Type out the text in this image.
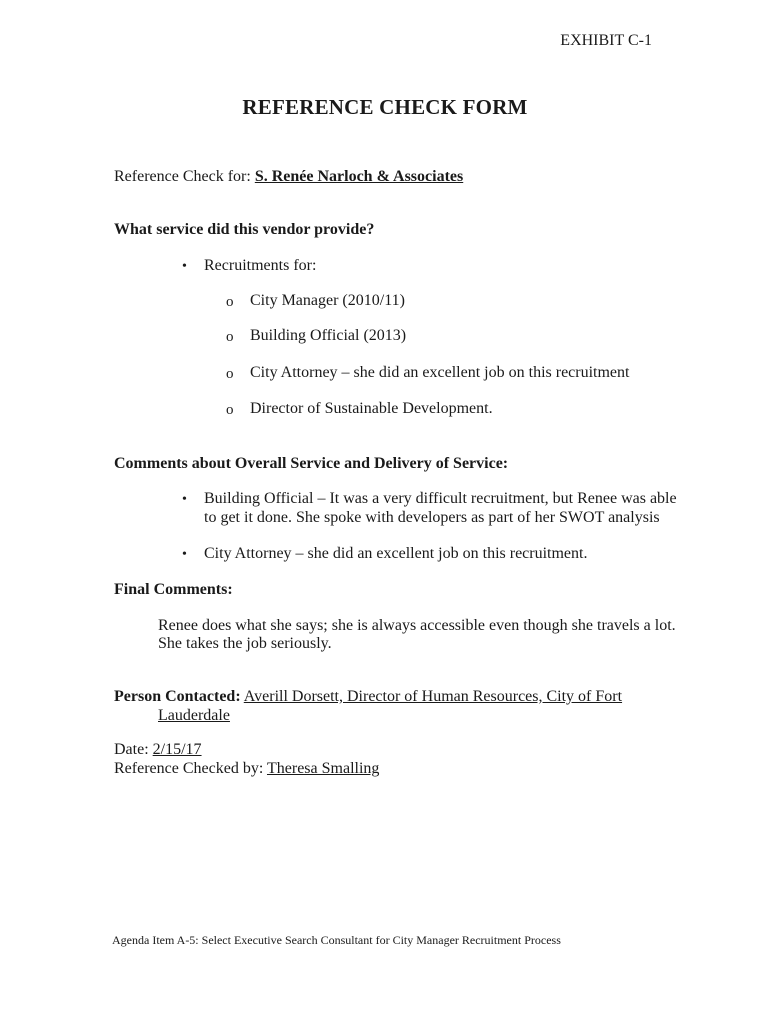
EXHIBIT C-1
REFERENCE CHECK FORM
Reference Check for: S. Renée Narloch & Associates
What service did this vendor provide?
• Recruitments for:
o City Manager (2010/11)
o Building Official (2013)
o City Attorney – she did an excellent job on this recruitment
o Director of Sustainable Development.
Comments about Overall Service and Delivery of Service:
• Building Official – It was a very difficult recruitment, but Renee was able
to get it done. She spoke with developers as part of her SWOT analysis
• City Attorney – she did an excellent job on this recruitment.
Final Comments:
Renee does what she says; she is always accessible even though she travels a lot.
She takes the job seriously.
Person Contacted: Averill Dorsett, Director of Human Resources, City of Fort
Lauderdale
Date: 2/15/17
Reference Checked by: Theresa Smalling
Agenda Item A-5: Select Executive Search Consultant for City Manager Recruitment Process
